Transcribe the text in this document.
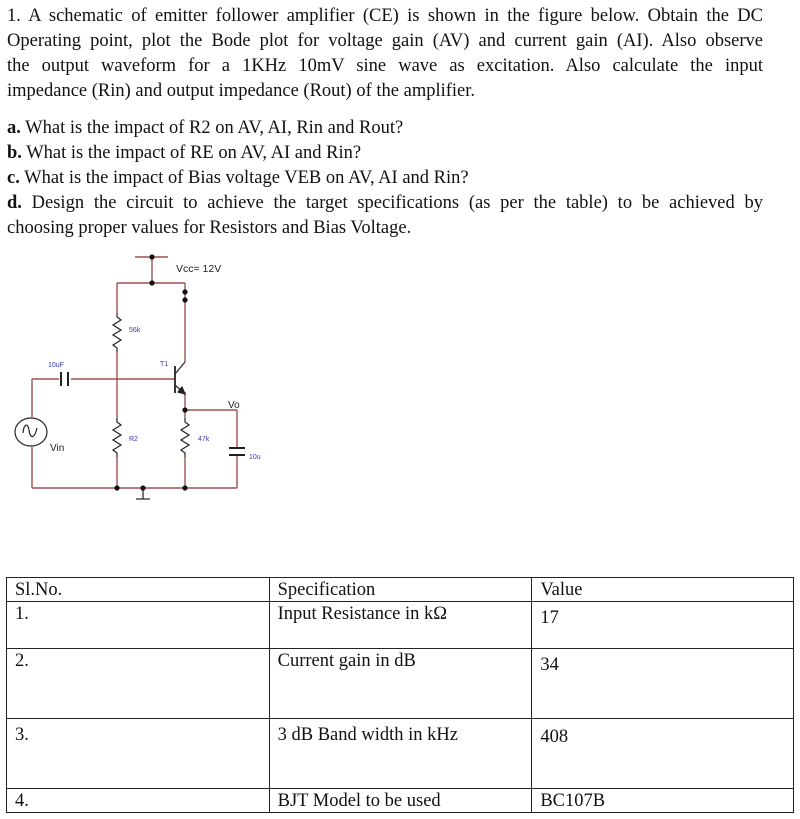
1. A schematic of emitter follower amplifier (CE) is shown in the figure below. Obtain the DC
Operating point, plot the Bode plot for voltage gain (AV) and current gain (AI). Also observe
the output waveform for a 1KHz 10mV sine wave as excitation. Also calculate the input
impedance (Rin) and output impedance (Rout) of the amplifier.
a. What is the impact of R2 on AV, AI, Rin and Rout?
b. What is the impact of RE on AV, AI and Rin?
c. What is the impact of Bias voltage VEB on AV, AI and Rin?
d. Design the circuit to achieve the target specifications (as per the table) to be achieved by
choosing proper values for Resistors and Bias Voltage.
Vcc= 12V
56k
T1
10uF
Vo
R2	47k
10u
Vin
Sl.No.	Specification	Value
1.	Input Resistance in kΩ	17
2.	Current gain in dB	34
3.	3 dB Band width in kHz	408
4.	BJT Model to be used	BC107B
